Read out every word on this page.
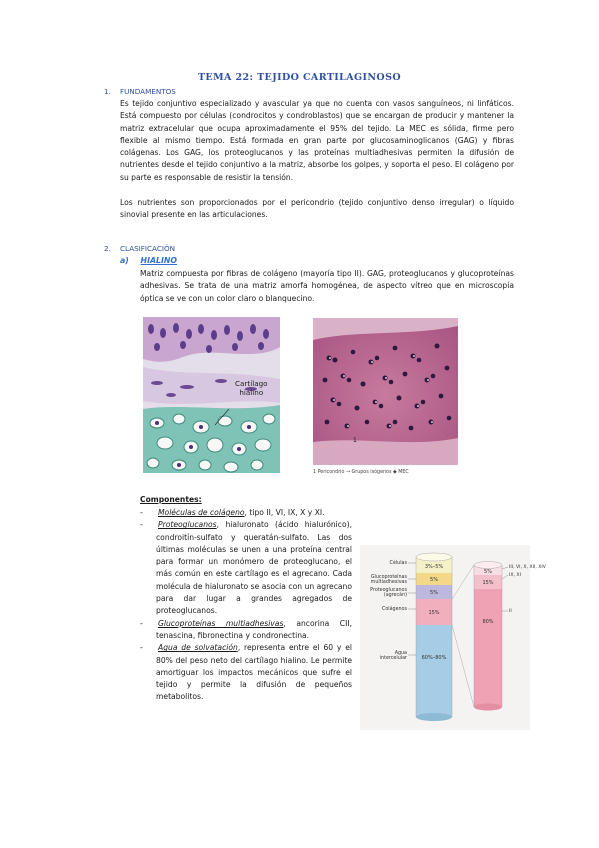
TEMA 22: TEJIDO CARTILAGINOSO
1. FUNDAMENTOS

Es tejido conjuntivo especializado y avascular ya que no cuenta con vasos sanguíneos, ni linfáticos. Está compuesto por células (condrocitos y condroblastos) que se encargan de producir y mantener la matriz extracelular que ocupa aproximadamente el 95% del tejido. La MEC es sólida, firme pero flexible al mismo tiempo. Está formada en gran parte por glucosaminoglicanos (GAG) y fibras colágenas. Los GAG, los proteoglucanos y las proteínas multiadhesivas permiten la difusión de nutrientes desde el tejido conjuntivo a la matriz, absorbe los golpes, y soporta el peso. El colágeno por su parte es responsable de resistir la tensión.

Los nutrientes son proporcionados por el pericondrio (tejido conjuntivo denso irregular) o líquido sinovial presente en las articulaciones.

2. CLASIFICACIÓN
a) HIALINO

Matriz compuesta por fibras de colágeno (mayoría tipo II). GAG, proteoglucanos y glucoproteínas adhesivas. Se trata de una matriz amorfa homogénea, de aspecto vítreo que en microscopía óptica se ve con un color claro o blanquecino.

Cartílago
hialino
1
1 Pericondrio → Grupos isógenos ◆ MEC
Componentes:
- Moléculas de colágeno, tipo II, VI, IX, X y XI.
- Proteoglucanos, hialuronato (ácido hialurónico), condroitín-sulfato y queratán-sulfato. Las dos últimas moléculas se unen a una proteína central para formar un monómero de proteoglucano, el más común en este cartílago es el agrecano. Cada molécula de hialuronato se asocia con un agrecano para dar lugar a grandes agregados de proteoglucanos.
- Glucoproteínas multiadhesivas, ancorina CII, tenascina, fibronectina y condronectina.
- Agua de solvatación, representa entre el 60 y el 80% del peso neto del cartílago hialino. Le permite amortiguar los impactos mecánicos que sufre el tejido y permite la difusión de pequeños metabolitos.
Células
Glucoproteínas multiadhesivas
Proteoglucanos (agrecán)
Colágenos
Agua intercelular
3%–5%
5%
5%
15%
60%–80%
5%
15%
80%
III, VI, X, XII, XIV
IX, XI
II
